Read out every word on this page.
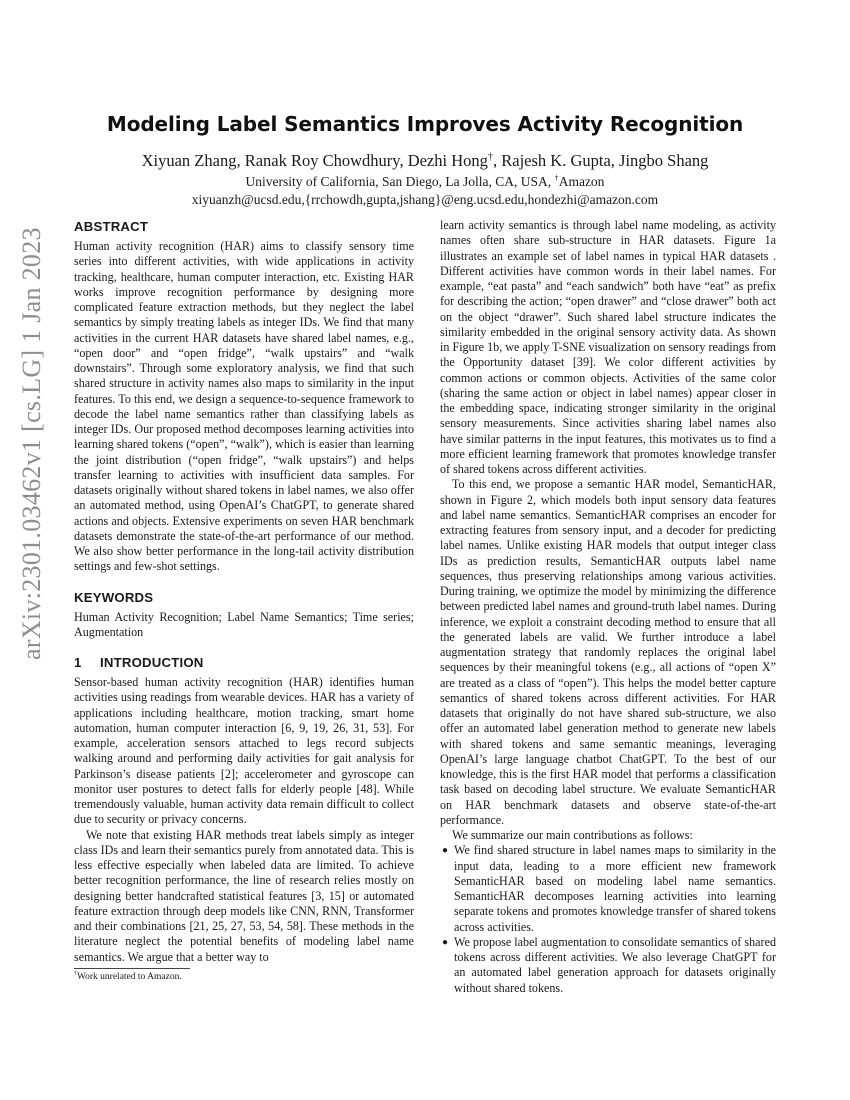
arXiv:2301.03462v1 [cs.LG] 1 Jan 2023
Modeling Label Semantics Improves Activity Recognition
Xiyuan Zhang, Ranak Roy Chowdhury, Dezhi Hong†, Rajesh K. Gupta, Jingbo Shang
University of California, San Diego, La Jolla, CA, USA, †Amazon
xiyuanzh@ucsd.edu,{rrchowdh,gupta,jshang}@eng.ucsd.edu,hondezhi@amazon.com
ABSTRACT

Human activity recognition (HAR) aims to classify sensory time series into different activities, with wide applications in activity tracking, healthcare, human computer interaction, etc. Existing HAR works improve recognition performance by designing more complicated feature extraction methods, but they neglect the label semantics by simply treating labels as integer IDs. We find that many activities in the current HAR datasets have shared label names, e.g., “open door” and “open fridge”, “walk upstairs” and “walk downstairs”. Through some exploratory analysis, we find that such shared structure in activity names also maps to similarity in the input features. To this end, we design a sequence-to-sequence framework to decode the label name semantics rather than classifying labels as integer IDs. Our proposed method decomposes learning activities into learning shared tokens (“open”, “walk”), which is easier than learning the joint distribution (“open fridge”, “walk upstairs”) and helps transfer learning to activities with insufficient data samples. For datasets originally without shared tokens in label names, we also offer an automated method, using OpenAI’s ChatGPT, to generate shared actions and objects. Extensive experiments on seven HAR benchmark datasets demonstrate the state-of-the-art performance of our method. We also show better performance in the long-tail activity distribution settings and few-shot settings.

KEYWORDS

Human Activity Recognition; Label Name Semantics; Time series; Augmentation

1 INTRODUCTION

Sensor-based human activity recognition (HAR) identifies human activities using readings from wearable devices. HAR has a variety of applications including healthcare, motion tracking, smart home automation, human computer interaction [6, 9, 19, 26, 31, 53]. For example, acceleration sensors attached to legs record subjects walking around and performing daily activities for gait analysis for Parkinson’s disease patients [2]; accelerometer and gyroscope can monitor user postures to detect falls for elderly people [48]. While tremendously valuable, human activity data remain difficult to collect due to security or privacy concerns.

We note that existing HAR methods treat labels simply as integer class IDs and learn their semantics purely from annotated data. This is less effective especially when labeled data are limited. To achieve better recognition performance, the line of research relies mostly on designing better handcrafted statistical features [3, 15] or automated feature extraction through deep models like CNN, RNN, Transformer and their combinations [21, 25, 27, 53, 54, 58]. These methods in the literature neglect the potential benefits of modeling label name semantics. We argue that a better way to

learn activity semantics is through label name modeling, as activity names often share sub-structure in HAR datasets. Figure 1a illustrates an example set of label names in typical HAR datasets . Different activities have common words in their label names. For example, “eat pasta” and “each sandwich” both have “eat” as prefix for describing the action; “open drawer” and “close drawer” both act on the object “drawer”. Such shared label structure indicates the similarity embedded in the original sensory activity data. As shown in Figure 1b, we apply T-SNE visualization on sensory readings from the Opportunity dataset [39]. We color different activities by common actions or common objects. Activities of the same color (sharing the same action or object in label names) appear closer in the embedding space, indicating stronger similarity in the original sensory measurements. Since activities sharing label names also have similar patterns in the input features, this motivates us to find a more efficient learning framework that promotes knowledge transfer of shared tokens across different activities.

To this end, we propose a semantic HAR model, SemanticHAR, shown in Figure 2, which models both input sensory data features and label name semantics. SemanticHAR comprises an encoder for extracting features from sensory input, and a decoder for predicting label names. Unlike existing HAR models that output integer class IDs as prediction results, SemanticHAR outputs label name sequences, thus preserving relationships among various activities. During training, we optimize the model by minimizing the difference between predicted label names and ground-truth label names. During inference, we exploit a constraint decoding method to ensure that all the generated labels are valid. We further introduce a label augmentation strategy that randomly replaces the original label sequences by their meaningful tokens (e.g., all actions of “open X” are treated as a class of “open”). This helps the model better capture semantics of shared tokens across different activities. For HAR datasets that originally do not have shared sub-structure, we also offer an automated label generation method to generate new labels with shared tokens and same semantic meanings, leveraging OpenAI’s large language chatbot ChatGPT. To the best of our knowledge, this is the first HAR model that performs a classification task based on decoding label structure. We evaluate SemanticHAR on HAR benchmark datasets and observe state-of-the-art performance.

We summarize our main contributions as follows:

● We find shared structure in label names maps to similarity in the input data, leading to a more efficient new framework SemanticHAR based on modeling label name semantics. SemanticHAR decomposes learning activities into learning separate tokens and promotes knowledge transfer of shared tokens across activities.
● We propose label augmentation to consolidate semantics of shared tokens across different activities. We also leverage ChatGPT for an automated label generation approach for datasets originally without shared tokens.
†Work unrelated to Amazon.
